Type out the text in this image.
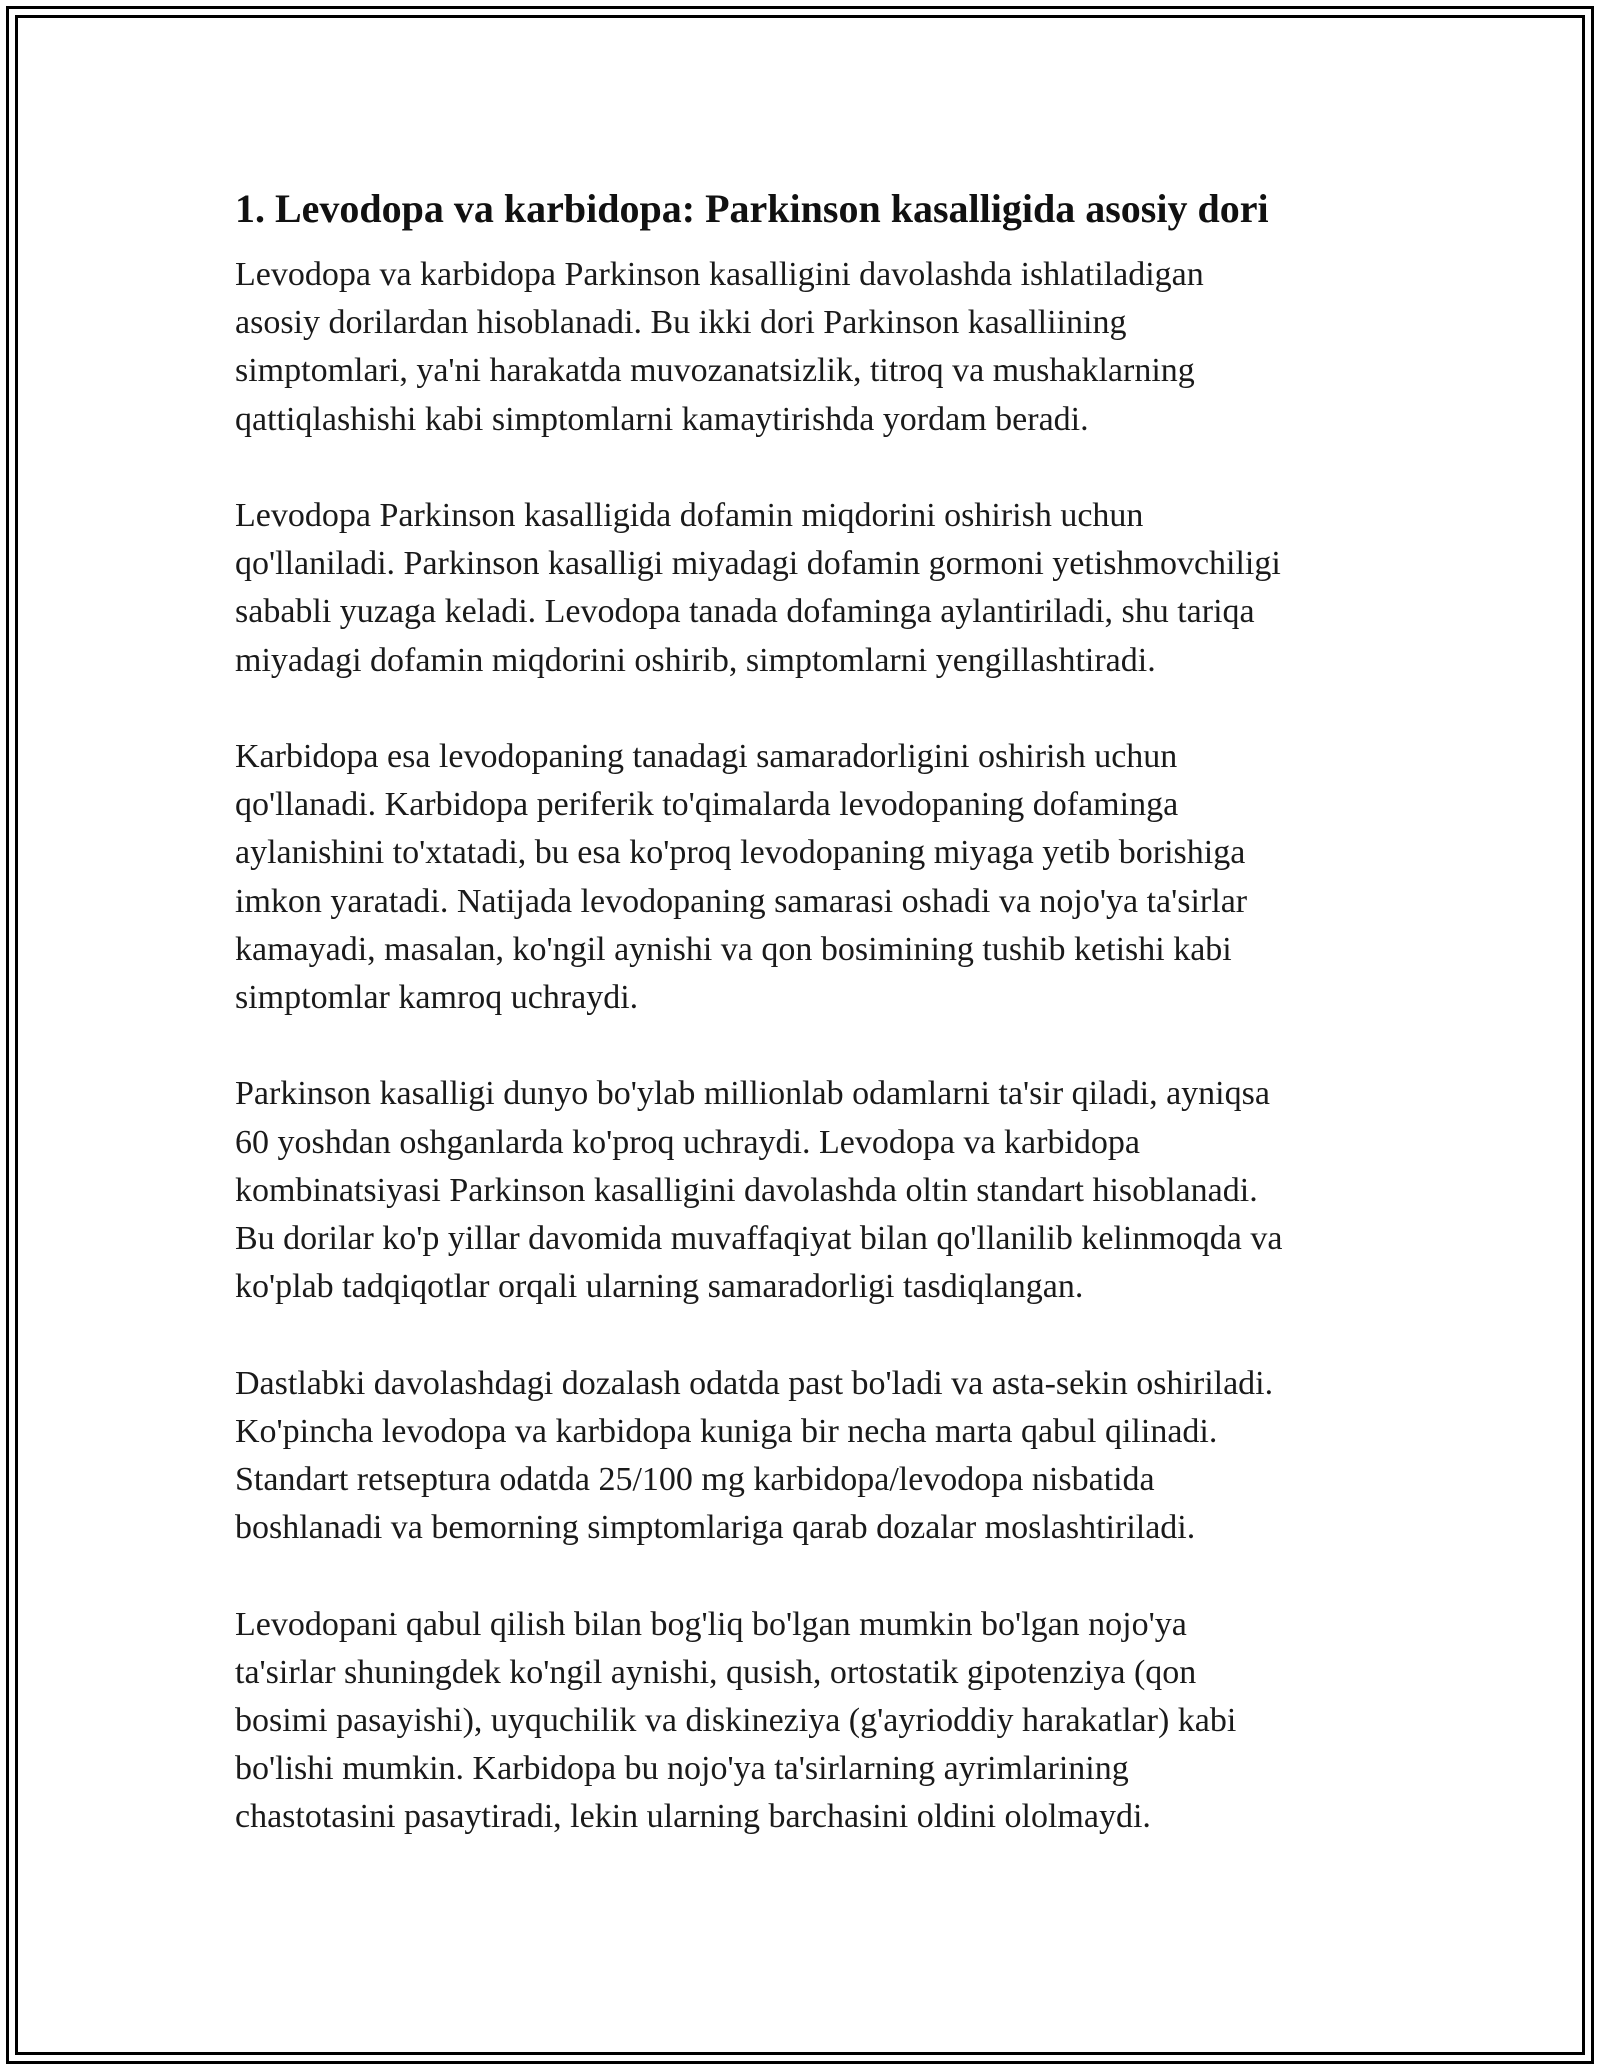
1. Levodopa va karbidopa: Parkinson kasalligida asosiy dori

Levodopa va karbidopa Parkinson kasalligini davolashda ishlatiladigan
asosiy dorilardan hisoblanadi. Bu ikki dori Parkinson kasalliining
simptomlari, ya'ni harakatda muvozanatsizlik, titroq va mushaklarning
qattiqlashishi kabi simptomlarni kamaytirishda yordam beradi.

Levodopa Parkinson kasalligida dofamin miqdorini oshirish uchun
qo'llaniladi. Parkinson kasalligi miyadagi dofamin gormoni yetishmovchiligi
sababli yuzaga keladi. Levodopa tanada dofaminga aylantiriladi, shu tariqa
miyadagi dofamin miqdorini oshirib, simptomlarni yengillashtiradi.

Karbidopa esa levodopaning tanadagi samaradorligini oshirish uchun
qo'llanadi. Karbidopa periferik to'qimalarda levodopaning dofaminga
aylanishini to'xtatadi, bu esa ko'proq levodopaning miyaga yetib borishiga
imkon yaratadi. Natijada levodopaning samarasi oshadi va nojo'ya ta'sirlar
kamayadi, masalan, ko'ngil aynishi va qon bosimining tushib ketishi kabi
simptomlar kamroq uchraydi.

Parkinson kasalligi dunyo bo'ylab millionlab odamlarni ta'sir qiladi, ayniqsa
60 yoshdan oshganlarda ko'proq uchraydi. Levodopa va karbidopa
kombinatsiyasi Parkinson kasalligini davolashda oltin standart hisoblanadi.
Bu dorilar ko'p yillar davomida muvaffaqiyat bilan qo'llanilib kelinmoqda va
ko'plab tadqiqotlar orqali ularning samaradorligi tasdiqlangan.

Dastlabki davolashdagi dozalash odatda past bo'ladi va asta-sekin oshiriladi.
Ko'pincha levodopa va karbidopa kuniga bir necha marta qabul qilinadi.
Standart retseptura odatda 25/100 mg karbidopa/levodopa nisbatida
boshlanadi va bemorning simptomlariga qarab dozalar moslashtiriladi.

Levodopani qabul qilish bilan bog'liq bo'lgan mumkin bo'lgan nojo'ya
ta'sirlar shuningdek ko'ngil aynishi, qusish, ortostatik gipotenziya (qon
bosimi pasayishi), uyquchilik va diskineziya (g'ayrioddiy harakatlar) kabi
bo'lishi mumkin. Karbidopa bu nojo'ya ta'sirlarning ayrimlarining
chastotasini pasaytiradi, lekin ularning barchasini oldini ololmaydi.
